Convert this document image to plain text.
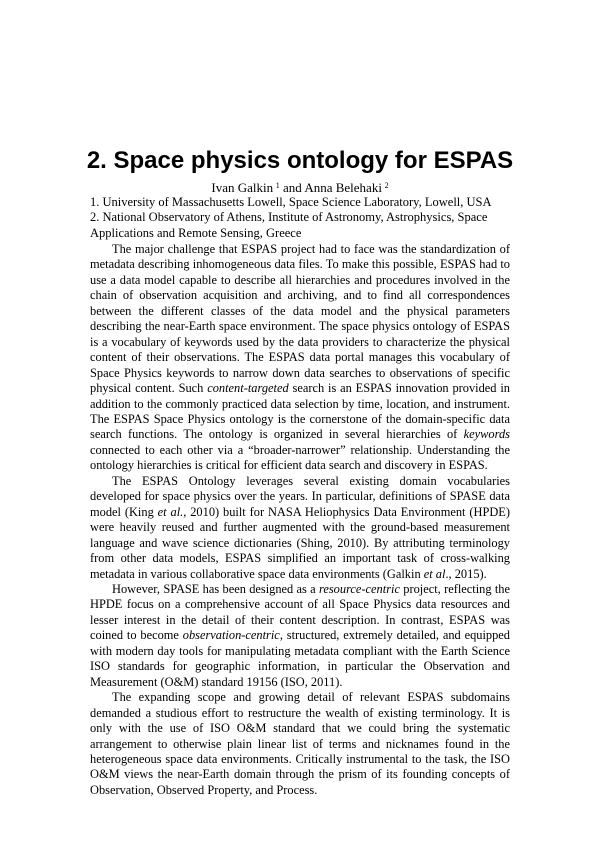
2. Space physics ontology for ESPAS
Ivan Galkin  $^1$ and Anna Belehaki  $^2$
1. University of Massachusetts Lowell, Space Science Laboratory, Lowell, USA
2. National Observatory of Athens, Institute of Astronomy, Astrophysics, Space Applications and Remote Sensing, Greece

The major challenge that ESPAS project had to face was the standardization of metadata describing inhomogeneous data files. To make this possible, ESPAS had to use a data model capable to describe all hierarchies and procedures involved in the chain of observation acquisition and archiving, and to find all correspondences between the different classes of the data model and the physical parameters describing the near-Earth space environment. The space physics ontology of ESPAS is a vocabulary of keywords used by the data providers to characterize the physical content of their observations. The ESPAS data portal manages this vocabulary of Space Physics keywords to narrow down data searches to observations of specific physical content. Such content-targeted search is an ESPAS innovation provided in addition to the commonly practiced data selection by time, location, and instrument. The ESPAS Space Physics ontology is the cornerstone of the domain-specific data search functions. The ontology is organized in several hierarchies of keywords connected to each other via a “broader-narrower” relationship. Understanding the ontology hierarchies is critical for efficient data search and discovery in ESPAS.

The ESPAS Ontology leverages several existing domain vocabularies developed for space physics over the years. In particular, definitions of SPASE data model (King et al., 2010) built for NASA Heliophysics Data Environment (HPDE) were heavily reused and further augmented with the ground-based measurement language and wave science dictionaries (Shing, 2010). By attributing terminology from other data models, ESPAS simplified an important task of cross-walking metadata in various collaborative space data environments (Galkin et al., 2015).

However, SPASE has been designed as a resource-centric project, reflecting the HPDE focus on a comprehensive account of all Space Physics data resources and lesser interest in the detail of their content description. In contrast, ESPAS was coined to become observation-centric, structured, extremely detailed, and equipped with modern day tools for manipulating metadata compliant with the Earth Science ISO standards for geographic information, in particular the Observation and Measurement (O&M) standard 19156 (ISO, 2011).

The expanding scope and growing detail of relevant ESPAS subdomains demanded a studious effort to restructure the wealth of existing terminology. It is only with the use of ISO O&M standard that we could bring the systematic arrangement to otherwise plain linear list of terms and nicknames found in the heterogeneous space data environments. Critically instrumental to the task, the ISO O&M views the near-Earth domain through the prism of its founding concepts of Observation, Observed Property, and Process.
